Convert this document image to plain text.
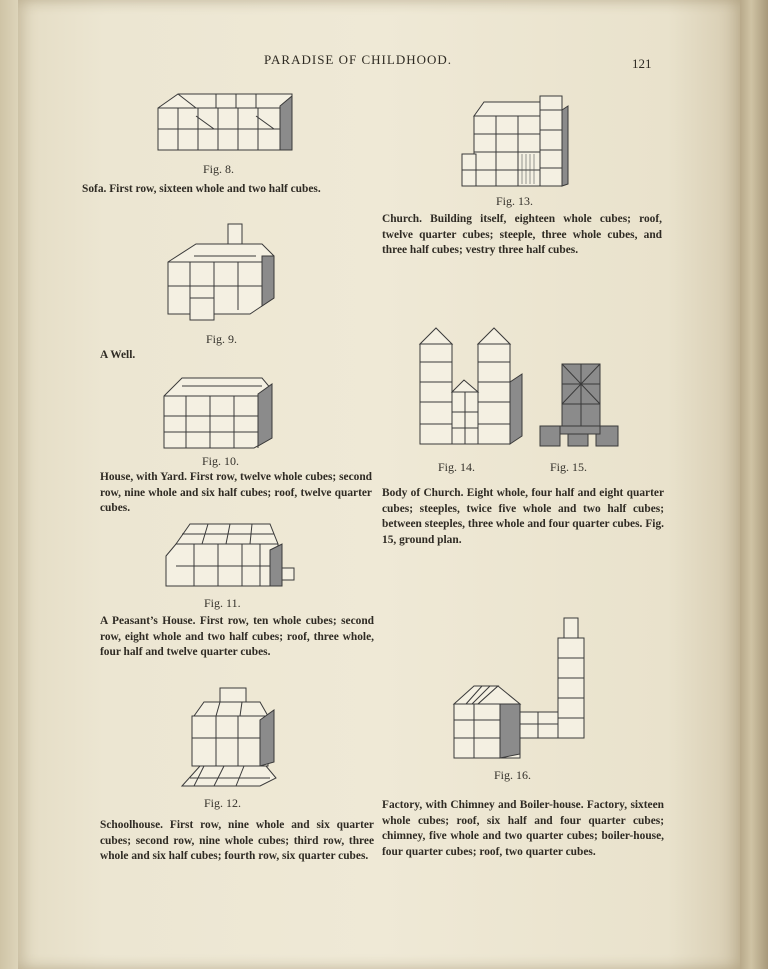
PARADISE OF CHILDHOOD.	121
Fig. 8.
Sofa. First row, sixteen whole and two half cubes.
Fig. 9.
A Well.
Fig. 10.
House, with Yard. First row, twelve whole cubes; second row, nine whole and six half cubes; roof, twelve quarter cubes.
Fig. 11.
A Peasant’s House. First row, ten whole cubes; second row, eight whole and two half cubes; roof, three whole, four half and twelve quarter cubes.
Fig. 12.
Schoolhouse. First row, nine whole and six quarter cubes; second row, nine whole cubes; third row, three whole and six half cubes; fourth row, six quarter cubes.
Fig. 13.
Church. Building itself, eighteen whole cubes; roof, twelve quarter cubes; steeple, three whole cubes, and three half cubes; vestry three half cubes.
Fig. 14.	Fig. 15.
Body of Church. Eight whole, four half and eight quarter cubes; steeples, twice five whole and two half cubes; between steeples, three whole and four quarter cubes. Fig. 15, ground plan.
Fig. 16.
Factory, with Chimney and Boiler-house. Factory, sixteen whole cubes; roof, six half and four quarter cubes; chimney, five whole and two quarter cubes; boiler-house, four quarter cubes; roof, two quarter cubes.
